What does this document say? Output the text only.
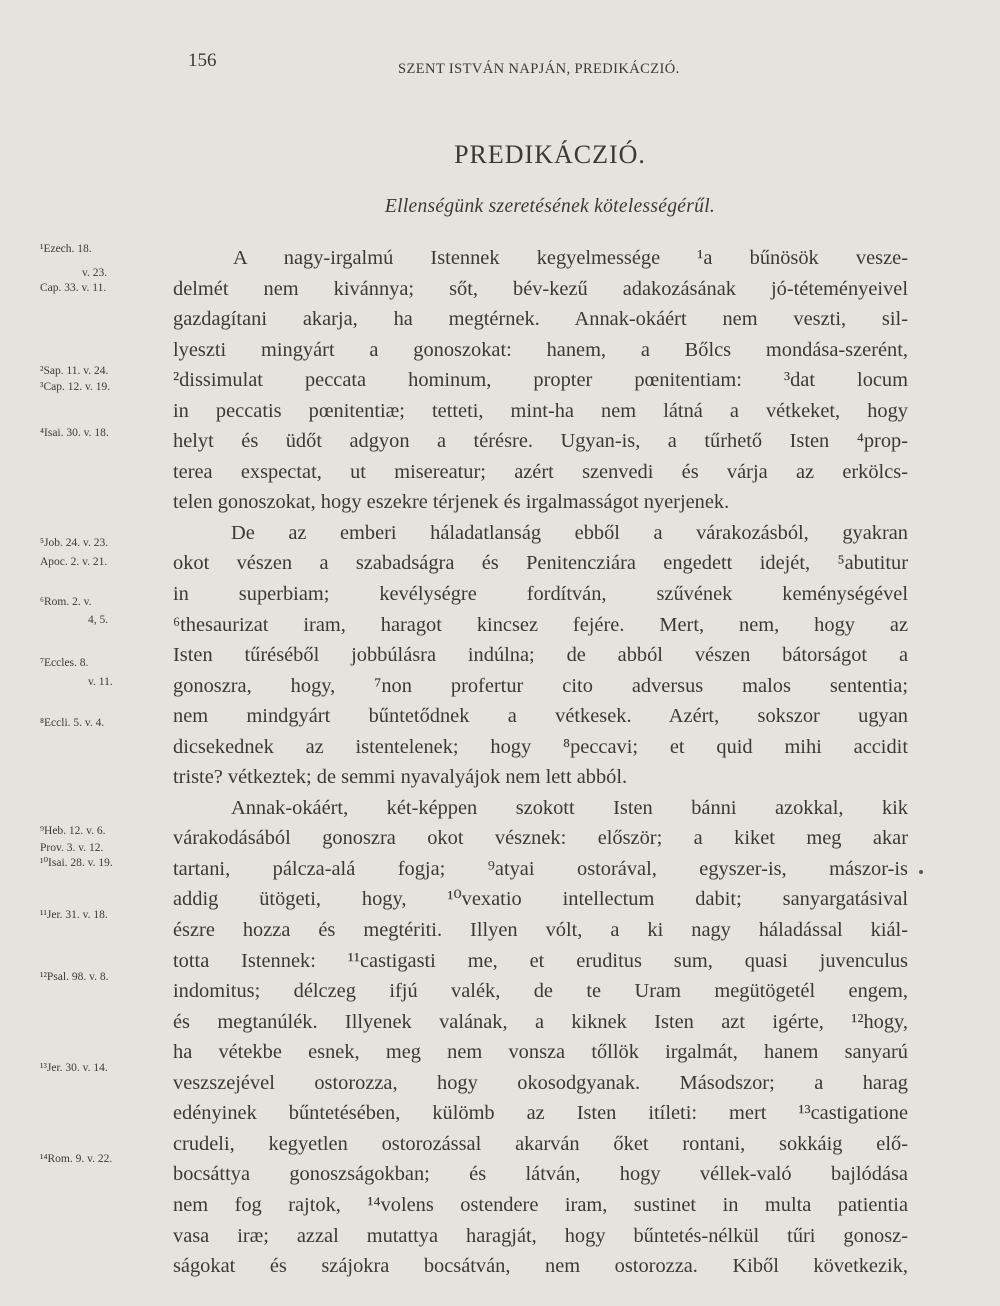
156	SZENT ISTVÁN NAPJÁN, PREDIKÁCZIÓ.
PREDIKÁCZIÓ.
Ellenségünk szeretésének kötelességérűl.
¹Ezech. 18.
v. 23.
Cap. 33. v. 11.
²Sap. 11. v. 24.
³Cap. 12. v. 19.
⁴Isai. 30. v. 18.
⁵Job. 24. v. 23.
Apoc. 2. v. 21.
⁶Rom. 2. v.
4, 5.
⁷Eccles. 8.
v. 11.
⁸Eccli. 5. v. 4.
⁹Heb. 12. v. 6.
Prov. 3. v. 12.
¹⁰Isai. 28. v. 19.
¹¹Jer. 31. v. 18.
¹²Psal. 98. v. 8.
¹³Jer. 30. v. 14.
¹⁴Rom. 9. v. 22.
A nagy-irgalmú Istennek kegyelmessége ¹a bűnösök vesze-
delmét nem kivánnya; sőt, bév-kezű adakozásának jó-téteményeivel
gazdagítani akarja, ha megtérnek. Annak-okáért nem veszti, sil-
lyeszti mingyárt a gonoszokat: hanem, a Bőlcs mondása-szerént,
²dissimulat peccata hominum, propter pœnitentiam: ³dat locum
in peccatis pœnitentiæ; tetteti, mint-ha nem látná a vétkeket, hogy
helyt és üdőt adgyon a térésre. Ugyan-is, a tűrhető Isten ⁴prop-
terea exspectat, ut misereatur; azért szenvedi és várja az erkölcs-
telen gonoszokat, hogy eszekre térjenek és irgalmasságot nyerjenek.
De az emberi háladatlanság ebből a várakozásból, gyakran
okot vészen a szabadságra és Penitencziára engedett idejét, ⁵abutitur
in superbiam; kevélységre fordítván, szűvének keménységével
⁶thesaurizat iram, haragot kincsez fejére. Mert, nem, hogy az
Isten tűréséből jobbúlásra indúlna; de abból vészen bátorságot a
gonoszra, hogy, ⁷non profertur cito adversus malos sententia;
nem mindgyárt bűntetődnek a vétkesek. Azért, sokszor ugyan
dicsekednek az istentelenek; hogy ⁸peccavi; et quid mihi accidit
triste? vétkeztek; de semmi nyavalyájok nem lett abból.
Annak-okáért, két-képpen szokott Isten bánni azokkal, kik
várakodásából gonoszra okot vésznek: először; a kiket meg akar
tartani, pálcza-alá fogja; ⁹atyai ostorával, egyszer-is, mászor-is
addig ütögeti, hogy, ¹⁰vexatio intellectum dabit; sanyargatásival
észre hozza és megtériti. Illyen vólt, a ki nagy háladással kiál-
totta Istennek: ¹¹castigasti me, et eruditus sum, quasi juvenculus
indomitus; délczeg ifjú valék, de te Uram megütögetél engem,
és megtanúlék. Illyenek valának, a kiknek Isten azt igérte, ¹²hogy,
ha vétekbe esnek, meg nem vonsza tőllök irgalmát, hanem sanyarú
veszszejével ostorozza, hogy okosodgyanak. Másodszor; a harag
edényinek bűntetésében, külömb az Isten itíleti: mert ¹³castigatione
crudeli, kegyetlen ostorozással akarván őket rontani, sokkáig elő-
bocsáttya gonoszságokban; és látván, hogy véllek-való bajlódása
nem fog rajtok, ¹⁴volens ostendere iram, sustinet in multa patientia
vasa iræ; azzal mutattya haragját, hogy bűntetés-nélkül tűri gonosz-
ságokat és szájokra bocsátván, nem ostorozza. Kiből következik,
